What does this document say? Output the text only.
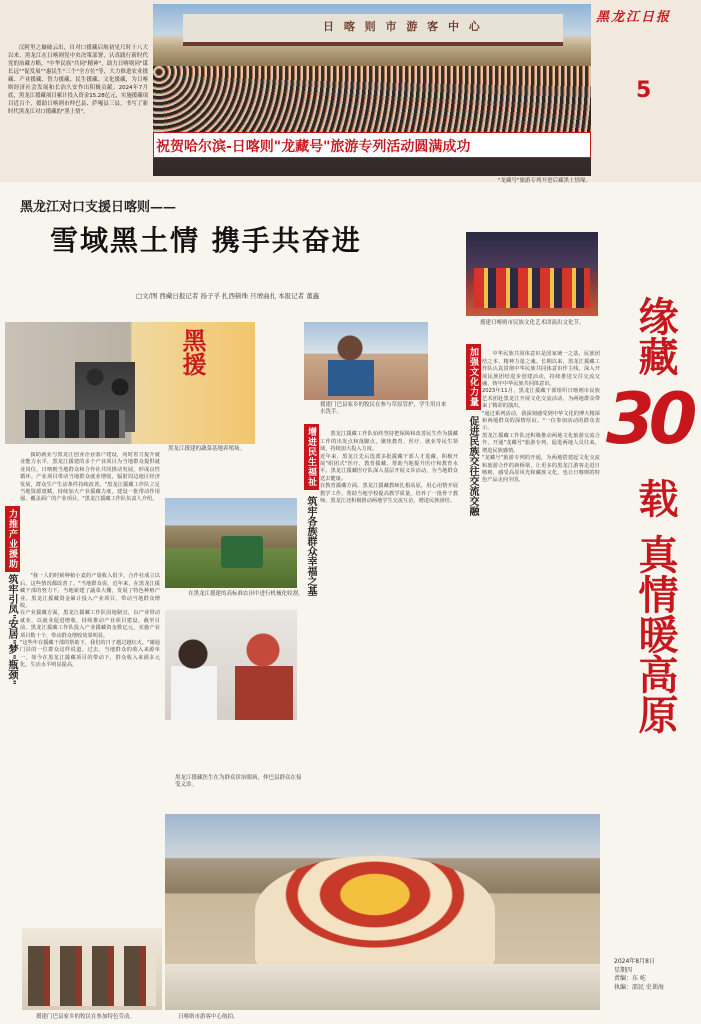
汉阿里之巅破云出，自对口援藏启航初见尺时十八大以来，黑龙江在日喀则党中央决策部署，认真践行新时代党的治藏方略，"中华民族"共同"精神"，助力日喀则同"谋长远""促发展""惠民生"三个"全方位"等，大力推进农业援藏、产业援藏、智力援藏、民生援藏、文化援藏，为日喀则经济社会发展和长治久安作出积极贡献。2024年7月底，黑龙江援藏项目累计投入资金15.28亿元，实施援藏项目近百个，援助日喀则市仲巴县、萨嘎县三县，书写了新时代黑龙江对口援藏的"黑土情"。

日 喀 则 市 游 客 中 心
祝贺哈尔滨-日喀则"龙藏号"旅游专列活动圆满成功
"龙藏号"旅游专列开进后藏黑土情缘。
黑龙江日报
5
黑龙江对口支援日喀则——
雪域黑土情 携手共奋进
□文/图 西藏日报记者 扬子孚 扎西顿珠 旦增曲扎 本报记者 董鑫	缘藏
30
载
真情暖高原
黑援
黑龙江援建的蔬菜基地养殖场。
力推产业援助
筑牢引凤"安居"梦"瓶颈"

援助就业与黑龙江创业企业落户建设，同时着力提升就业能力水平，黑龙江援建的多个产业项目为当地群众提供就业岗位，日喀则当地群众和合作社共同推动发展，形成良性循环。产业项目带动当地群众就业增收，辐射周边地区经济发展，群众生产生活条件持续改善。"黑龙江援藏工作队立足当地资源禀赋，持续加大产业援藏力度，建设一批带动作用强、覆盖面广的产业项目。"黑龙江援藏工作队负责人介绍。

"我一人的时候种植小麦的产量收入很少，合作社成立以后，这些情况都改善了。"当地群众说。近年来，在黑龙江援藏干部的努力下，当地新建了蔬菜大棚，发展了特色种植产业。黑龙江援藏资金累计投入产业项目，带动当地群众增收。
在产业援藏方面，黑龙江援藏工作队因地制宜，以产业带动就业，以就业促进增收，持续推动产业项目建设。截至目前，黑龙江援藏工作队投入产业援藏资金数亿元，实施产业项目数十个，带动群众增收效果明显。
"这些年在援藏干部的帮助下，我们的日子越过越红火。"谢通门县的一位群众这样说道。过去，当地群众的收入来源单一，如今在黑龙江援藏项目的带动下，群众收入来源多元化，生活水平明显提高。

在黑龙江援建的高标准农田中进行机械化收割。
黑龙江援藏医生在为群众诊治眼病，仲巴县群众在接受义诊。
援建门巴县家乡的牧民在参与草原管护，学生用自来水洗手。
增进民生福祉
筑牢各族群众幸福之基

黑龙江援藏工作队始终坚持把保障和改善民生作为援藏工作的出发点和落脚点，聚焦教育、医疗、就业等民生领域，持续加大投入力度。
近年来，黑龙江先后选派多批援藏干部人才进藏，积极开展"组团式"医疗、教育援藏，帮助当地提升医疗和教育水平。黑龙江援藏医疗队深入基层开展义诊活动，为当地群众送去健康。
在教育援藏方面，黑龙江援藏教师扎根高原，用心用情开展教学工作，帮助当地学校提高教学质量，培养了一批骨干教师。黑龙江还积极推动两地学生交流互访，增进民族团结。

援建日喀则市民族文化艺术团演出文化节。
加强文化力量
促进民族交往交流交融

中华民族共同体意识是国家统一之基、民族团结之本、精神力量之魂。长期以来，黑龙江援藏工作队认真贯彻中华民族共同体意识作主线，深入开展民族团结进步创建活动，持续推进交往交流交融，铸牢中华民族共同体意识。
2023年11月，黑龙江援藏干部组织日喀则市民族艺术团赴黑龙江开展文化交流活动，为两地群众带来了精彩的演出。
"通过系列活动，我深刻感受到中华文化的博大精深和两地群众的深情厚谊。"一位参加活动的群众表示。
黑龙江援藏工作队还积极推动两地文化旅游交流合作，开通"龙藏号"旅游专列，促进两地人员往来，增进民族感情。
"龙藏号"旅游专列的开通，为两地搭建起文化交流和旅游合作的新桥梁，让更多的黑龙江游客走进日喀则，感受高原风光和藏族文化，也让日喀则的特色产品走向全国。

日喀则市游客中心航拍。
援建门巴县家乡的牧民在参加特色劳动。
2024年8月8日
星期四
责编：东 屹
执编：邵民 史训海
